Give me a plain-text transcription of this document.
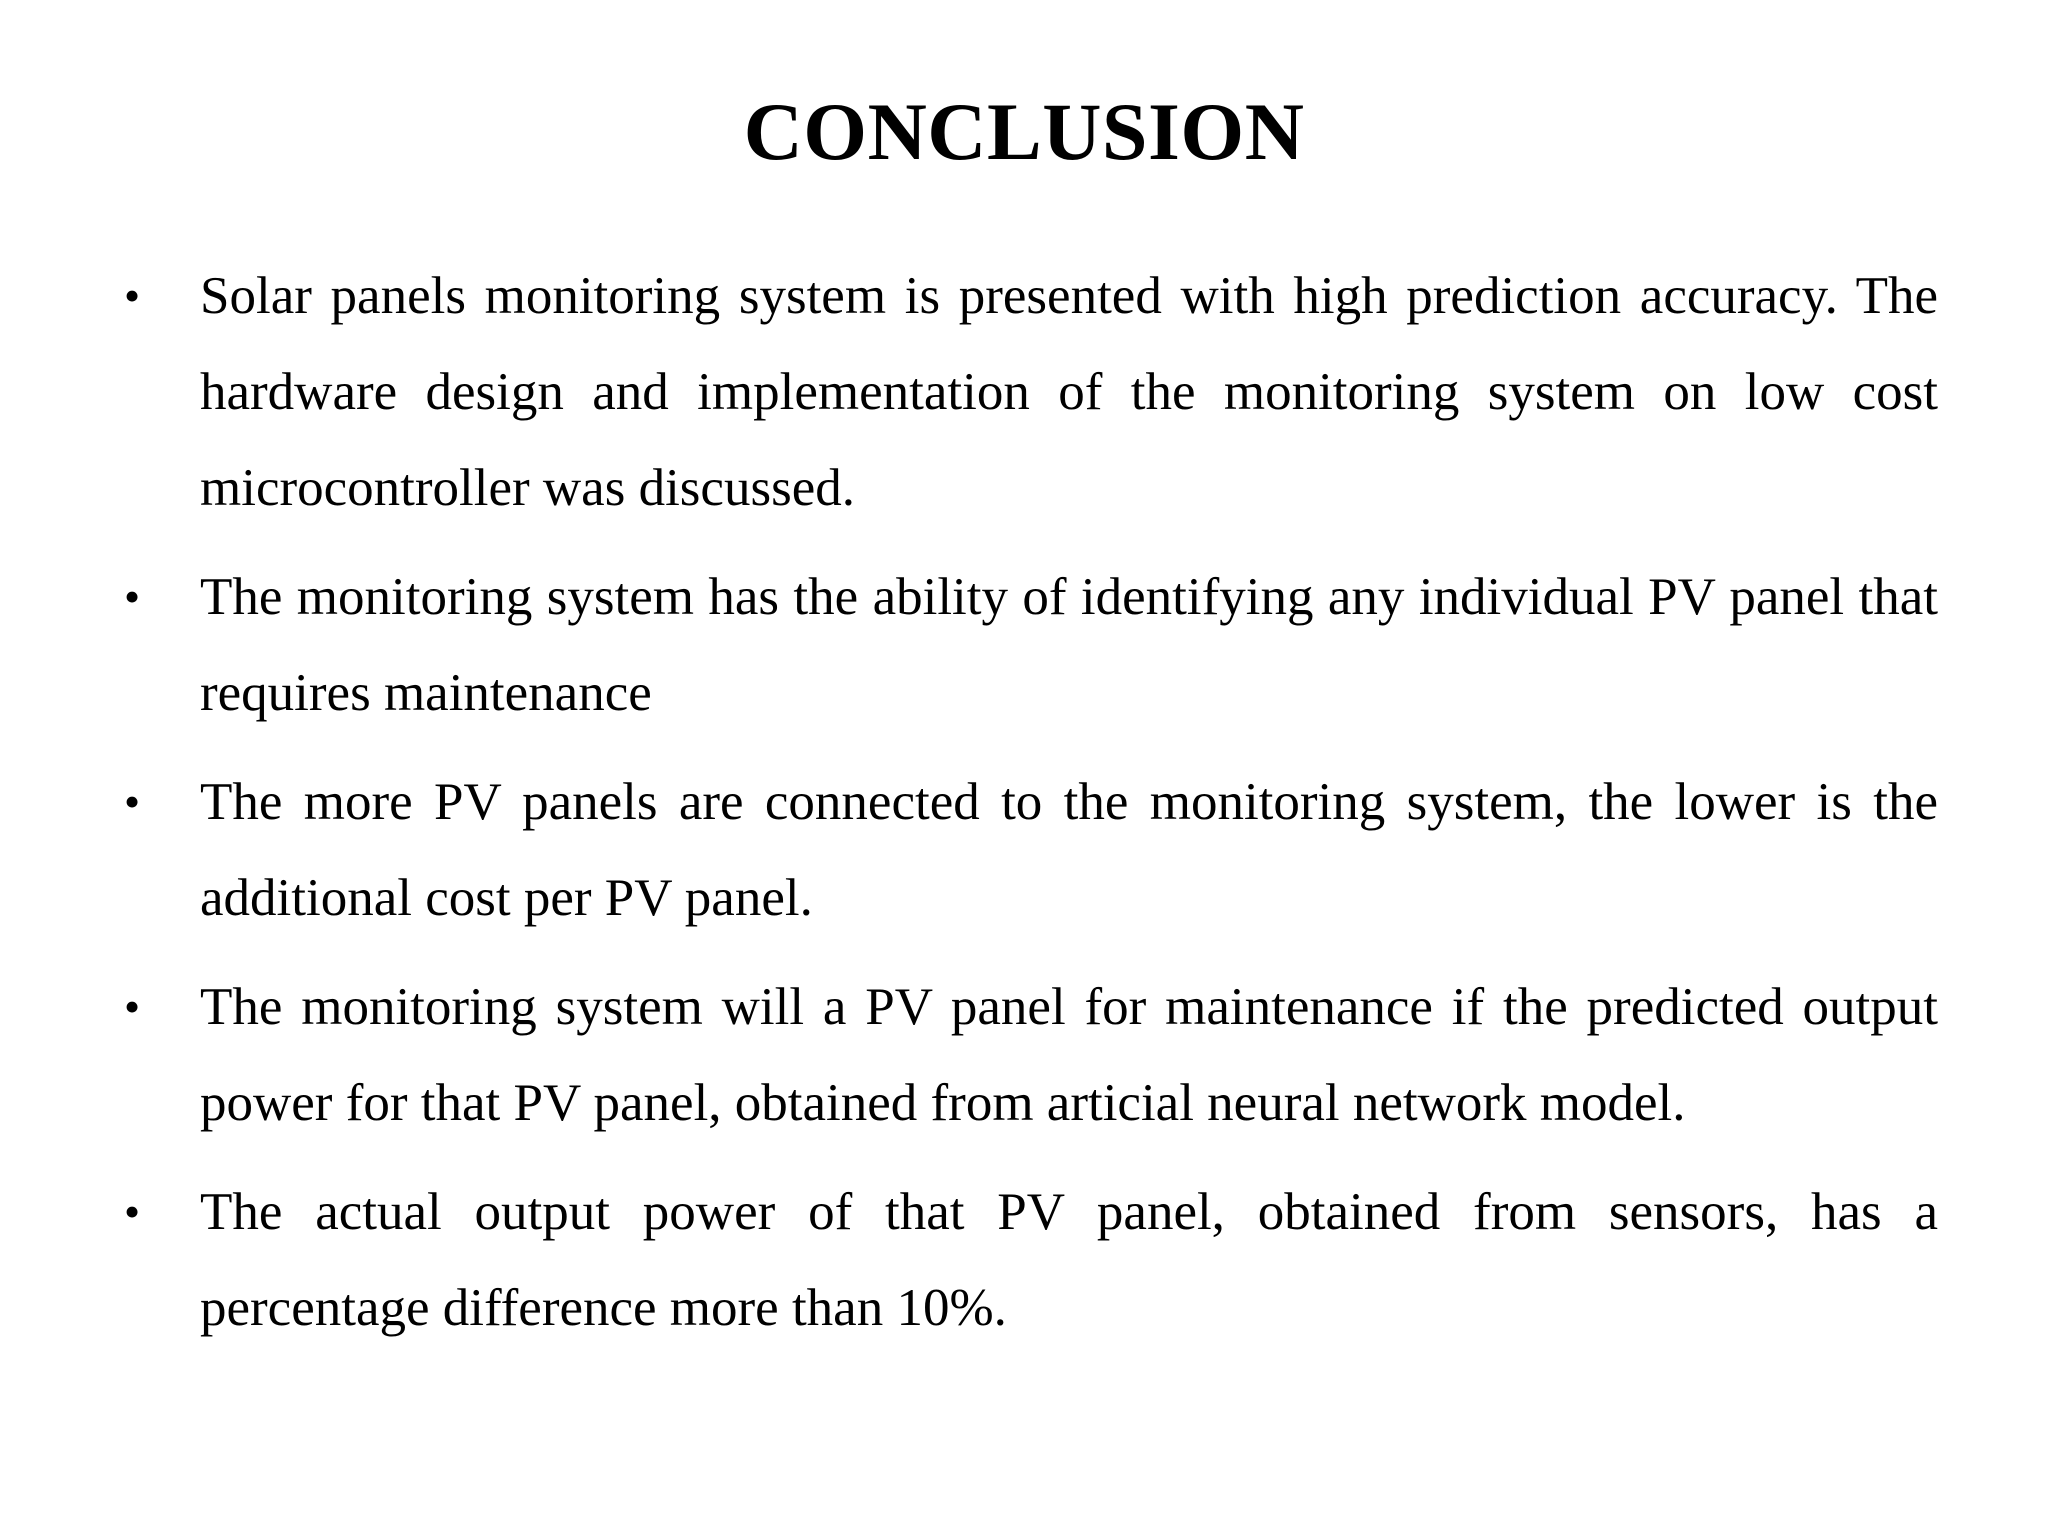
CONCLUSION
• Solar panels monitoring system is presented with high prediction accuracy. The hardware design and implementation of the monitoring system on low cost microcontroller was discussed.
• The monitoring system has the ability of identifying any individual PV panel that requires maintenance
• The more PV panels are connected to the monitoring system, the lower is the additional cost per PV panel.
• The monitoring system will a PV panel for maintenance if the predicted output power for that PV panel, obtained from articial neural network model.
• The actual output power of that PV panel, obtained from sensors, has a percentage difference more than 10%.
